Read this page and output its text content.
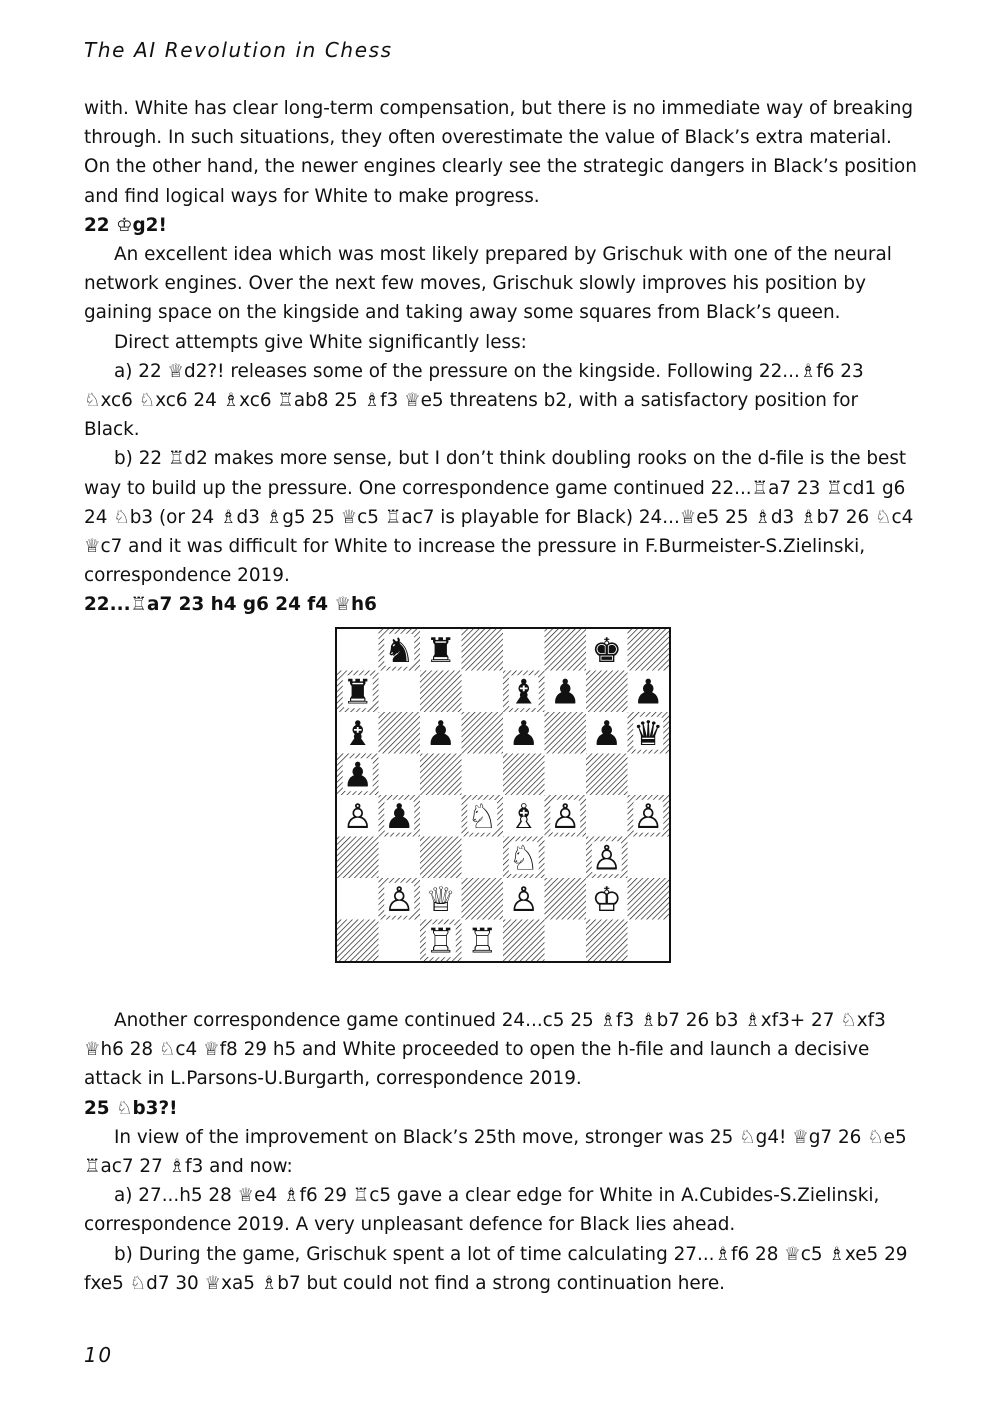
The AI Revolution in Chess

with. White has clear long-term compensation, but there is no immediate way of breaking through. In such situations, they often overestimate the value of Black’s extra material. On the other hand, the newer engines clearly see the strategic dangers in Black’s position and find logical ways for White to make progress.

22 ♔g2!

An excellent idea which was most likely prepared by Grischuk with one of the neural network engines. Over the next few moves, Grischuk slowly improves his position by gaining space on the kingside and taking away some squares from Black’s queen.

Direct attempts give White significantly less:

a) 22 ♕d2?! releases some of the pressure on the kingside. Following 22...♗f6 23 ♘xc6 ♘xc6 24 ♗xc6 ♖ab8 25 ♗f3 ♕e5 threatens b2, with a satisfactory position for Black.

b) 22 ♖d2 makes more sense, but I don’t think doubling rooks on the d-file is the best way to build up the pressure. One correspondence game continued 22...♖a7 23 ♖cd1 g6 24 ♘b3 (or 24 ♗d3 ♗g5 25 ♕c5 ♖ac7 is playable for Black) 24...♕e5 25 ♗d3 ♗b7 26 ♘c4 ♕c7 and it was difficult for White to increase the pressure in F.Burmeister-S.Zielinski, correspondence 2019.

22...♖a7 23 h4 g6 24 f4 ♕h6

♞ ♜	♚
♜	♝ ♟ ♟
♝ ♟ ♟ ♟ ♛
♟
♙ ♟ ♘ ♗ ♙ ♙
♘ ♙
♙ ♕ ♙ ♔
♖ ♖

Another correspondence game continued 24...c5 25 ♗f3 ♗b7 26 b3 ♗xf3+ 27 ♘xf3 ♕h6 28 ♘c4 ♕f8 29 h5 and White proceeded to open the h-file and launch a decisive attack in L.Parsons-U.Burgarth, correspondence 2019.

25 ♘b3?!

In view of the improvement on Black’s 25th move, stronger was 25 ♘g4! ♕g7 26 ♘e5 ♖ac7 27 ♗f3 and now:

a) 27...h5 28 ♕e4 ♗f6 29 ♖c5 gave a clear edge for White in A.Cubides-S.Zielinski, correspondence 2019. A very unpleasant defence for Black lies ahead.

b) During the game, Grischuk spent a lot of time calculating 27...♗f6 28 ♕c5 ♗xe5 29 fxe5 ♘d7 30 ♕xa5 ♗b7 but could not find a strong continuation here.

10
